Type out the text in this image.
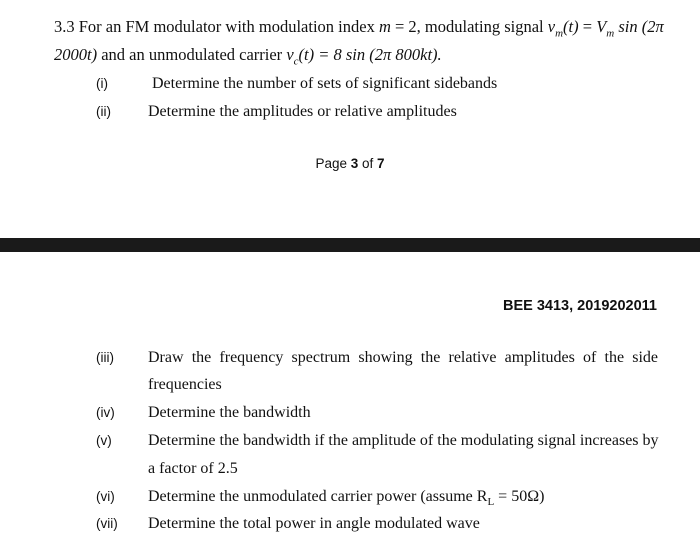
3.3 For an FM modulator with modulation index m = 2, modulating signal $v_m(t) = V_m$ sin (2π
2000t) and an unmodulated carrier $v_c(t) = 8$ sin (2π 800kt).
(i)	Determine the number of sets of significant sidebands
(ii) Determine the amplitudes or relative amplitudes
Page 3 of 7
BEE 3413, 2019202011
(iii) Draw the frequency spectrum showing the relative amplitudes of the side
frequencies
(iv) Determine the bandwidth
(v) Determine the bandwidth if the amplitude of the modulating signal increases by
a factor of 2.5
(vi) Determine the unmodulated carrier power (assume $R_L = 50\Omega$)
(vii) Determine the total power in angle modulated wave
